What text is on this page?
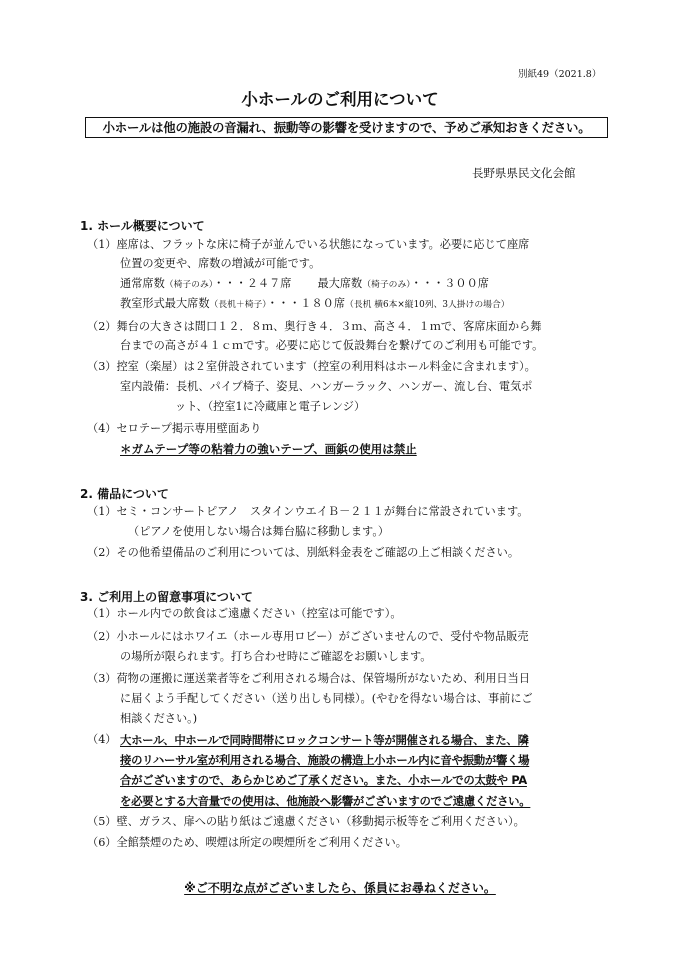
別紙49（2021.8）
小ホールのご利用について
小ホールは他の施設の音漏れ、振動等の影響を受けますので、予めご承知おきください。
長野県県民文化会館
1. ホール概要について
（1）座席は、フラットな床に椅子が並んでいる状態になっています。必要に応じて座席
位置の変更や、席数の増減が可能です。
通常席数（椅子のみ）・・・２４７席 最大席数（椅子のみ）・・・３００席
教室形式最大席数（長机＋椅子）・・・１８０席（長机 横6本×縦10列、3人掛けの場合）
（2）舞台の大きさは間口１２．８ｍ、奥行き４．３ｍ、高さ４．１ｍで、客席床面から舞
台までの高さが４１ｃｍです。必要に応じて仮設舞台を繋げてのご利用も可能です。
（3）控室（楽屋）は２室併設されています（控室の利用料はホール料金に含まれます）。
室内設備：長机、パイプ椅子、姿見、ハンガーラック、ハンガー、流し台、電気ポ
ット、（控室1に冷蔵庫と電子レンジ）
（4）セロテープ掲示専用壁面あり
＊ガムテープ等の粘着力の強いテープ、画鋲の使用は禁止
2. 備品について
（1）セミ・コンサートピアノ　スタインウエイＢ－２１１が舞台に常設されています。
（ピアノを使用しない場合は舞台脇に移動します。）
（2）その他希望備品のご利用については、別紙料金表をご確認の上ご相談ください。
3. ご利用上の留意事項について
（1）ホール内での飲食はご遠慮ください（控室は可能です）。
（2）小ホールにはホワイエ（ホール専用ロビー）がございませんので、受付や物品販売
の場所が限られます。打ち合わせ時にご確認をお願いします。
（3）荷物の運搬に運送業者等をご利用される場合は、保管場所がないため、利用日当日
に届くよう手配してください（送り出しも同様）。(やむを得ない場合は、事前にご
相談ください。)
（4） 大ホール、中ホールで同時間帯にロックコンサート等が開催される場合、また、隣
接のリハーサル室が利用される場合、施設の構造上小ホール内に音や振動が響く場
合がございますので、あらかじめご了承ください。また、小ホールでの太鼓や PA
を必要とする大音量での使用は、他施設へ影響がございますのでご遠慮ください。
（5）壁、ガラス、扉への貼り紙はご遠慮ください（移動掲示板等をご利用ください）。
（6）全館禁煙のため、喫煙は所定の喫煙所をご利用ください。
※ご不明な点がございましたら、係員にお尋ねください。
